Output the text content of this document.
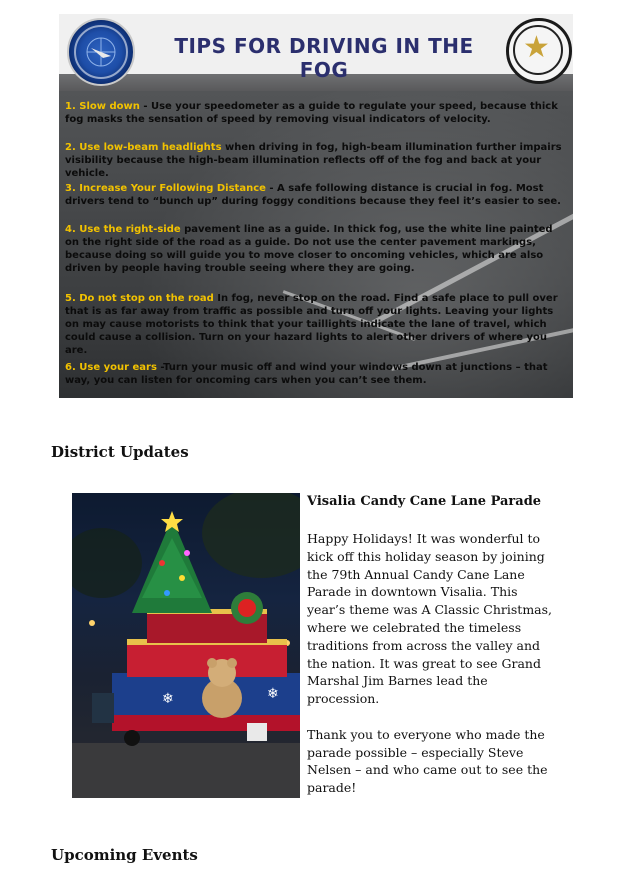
TIPS FOR DRIVING IN THE FOG
★
1. Slow down - Use your speedometer as a guide to regulate your speed, because thick fog masks the sensation of speed by removing visual indicators of velocity.
2. Use low-beam headlights when driving in fog, high-beam illumination further impairs visibility because the high-beam illumination reflects off of the fog and back at your vehicle.
3. Increase Your Following Distance - A safe following distance is crucial in fog. Most drivers tend to “bunch up” during foggy conditions because they feel it’s easier to see.
4. Use the right-side pavement line as a guide. In thick fog, use the white line painted on the right side of the road as a guide. Do not use the center pavement markings, because doing so will guide you to move closer to oncoming vehicles, which are also driven by people having trouble seeing where they are going.
5. Do not stop on the road In fog, never stop on the road. Find a safe place to pull over that is as far away from traffic as possible and turn off your lights. Leaving your lights on may cause motorists to think that your taillights indicate the lane of travel, which could cause a collision. Turn on your hazard lights to alert other drivers of where you are.
6. Use your ears -Turn your music off and wind your windows down at junctions – that way, you can listen for oncoming cars when you can’t see them.
District Updates
❄	❄
Visalia Candy Cane Lane Parade

Happy Holidays! It was wonderful to kick off this holiday season by joining the 79th Annual Candy Cane Lane Parade in downtown Visalia. This year’s theme was A Classic Christmas, where we celebrated the timeless traditions from across the valley and the nation. It was great to see Grand Marshal Jim Barnes lead the procession.

Thank you to everyone who made the parade possible – especially Steve Nelsen – and who came out to see the parade!

Upcoming Events
